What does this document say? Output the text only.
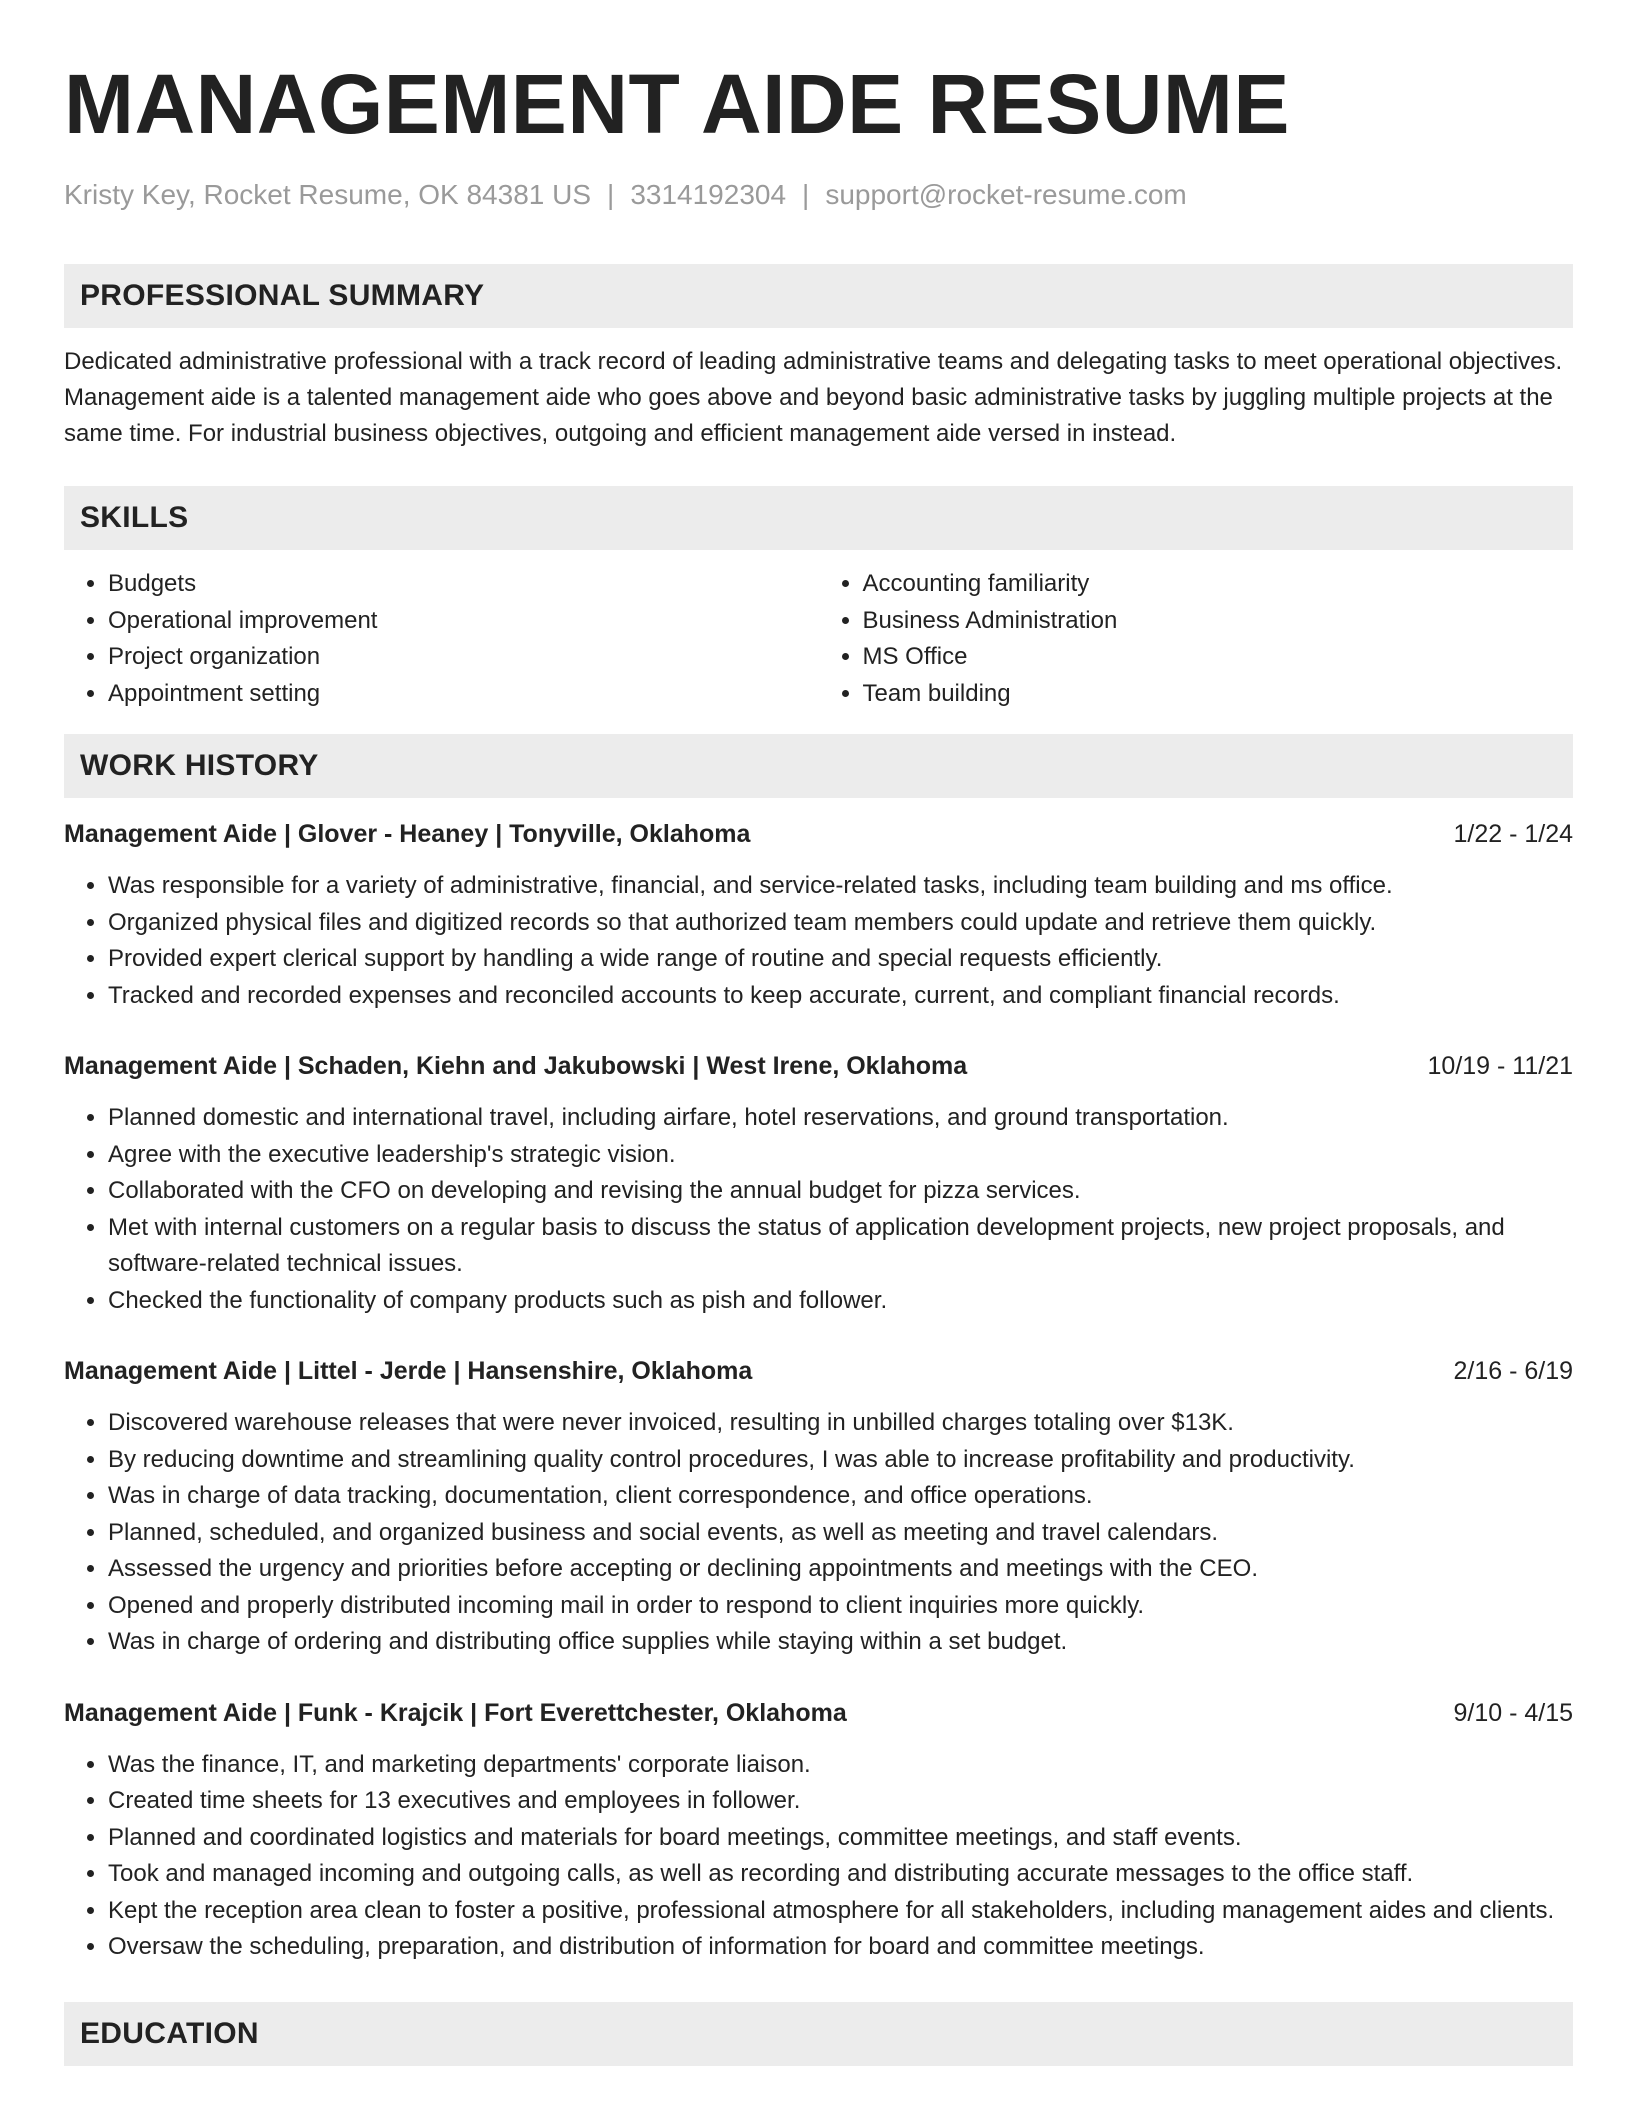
MANAGEMENT AIDE RESUME
Kristy Key, Rocket Resume, OK 84381 US | 3314192304 | support@rocket-resume.com
PROFESSIONAL SUMMARY

Dedicated administrative professional with a track record of leading administrative teams and delegating tasks to meet operational objectives. Management aide is a talented management aide who goes above and beyond basic administrative tasks by juggling multiple projects at the same time. For industrial business objectives, outgoing and efficient management aide versed in instead.

SKILLS
• Budgets
• Operational improvement
• Project organization
• Appointment setting
• Accounting familiarity
• Business Administration
• MS Office
• Team building
WORK HISTORY
Management Aide | Glover - Heaney | Tonyville, Oklahoma	1/22 - 1/24
• Was responsible for a variety of administrative, financial, and service-related tasks, including team building and ms office.
• Organized physical files and digitized records so that authorized team members could update and retrieve them quickly.
• Provided expert clerical support by handling a wide range of routine and special requests efficiently.
• Tracked and recorded expenses and reconciled accounts to keep accurate, current, and compliant financial records.
Management Aide | Schaden, Kiehn and Jakubowski | West Irene, Oklahoma	10/19 - 11/21
• Planned domestic and international travel, including airfare, hotel reservations, and ground transportation.
• Agree with the executive leadership's strategic vision.
• Collaborated with the CFO on developing and revising the annual budget for pizza services.
• Met with internal customers on a regular basis to discuss the status of application development projects, new project proposals, and software-related technical issues.
• Checked the functionality of company products such as pish and follower.
Management Aide | Littel - Jerde | Hansenshire, Oklahoma	2/16 - 6/19
• Discovered warehouse releases that were never invoiced, resulting in unbilled charges totaling over $13K.
• By reducing downtime and streamlining quality control procedures, I was able to increase profitability and productivity.
• Was in charge of data tracking, documentation, client correspondence, and office operations.
• Planned, scheduled, and organized business and social events, as well as meeting and travel calendars.
• Assessed the urgency and priorities before accepting or declining appointments and meetings with the CEO.
• Opened and properly distributed incoming mail in order to respond to client inquiries more quickly.
• Was in charge of ordering and distributing office supplies while staying within a set budget.
Management Aide | Funk - Krajcik | Fort Everettchester, Oklahoma	9/10 - 4/15
• Was the finance, IT, and marketing departments' corporate liaison.
• Created time sheets for 13 executives and employees in follower.
• Planned and coordinated logistics and materials for board meetings, committee meetings, and staff events.
• Took and managed incoming and outgoing calls, as well as recording and distributing accurate messages to the office staff.
• Kept the reception area clean to foster a positive, professional atmosphere for all stakeholders, including management aides and clients.
• Oversaw the scheduling, preparation, and distribution of information for board and committee meetings.
EDUCATION
